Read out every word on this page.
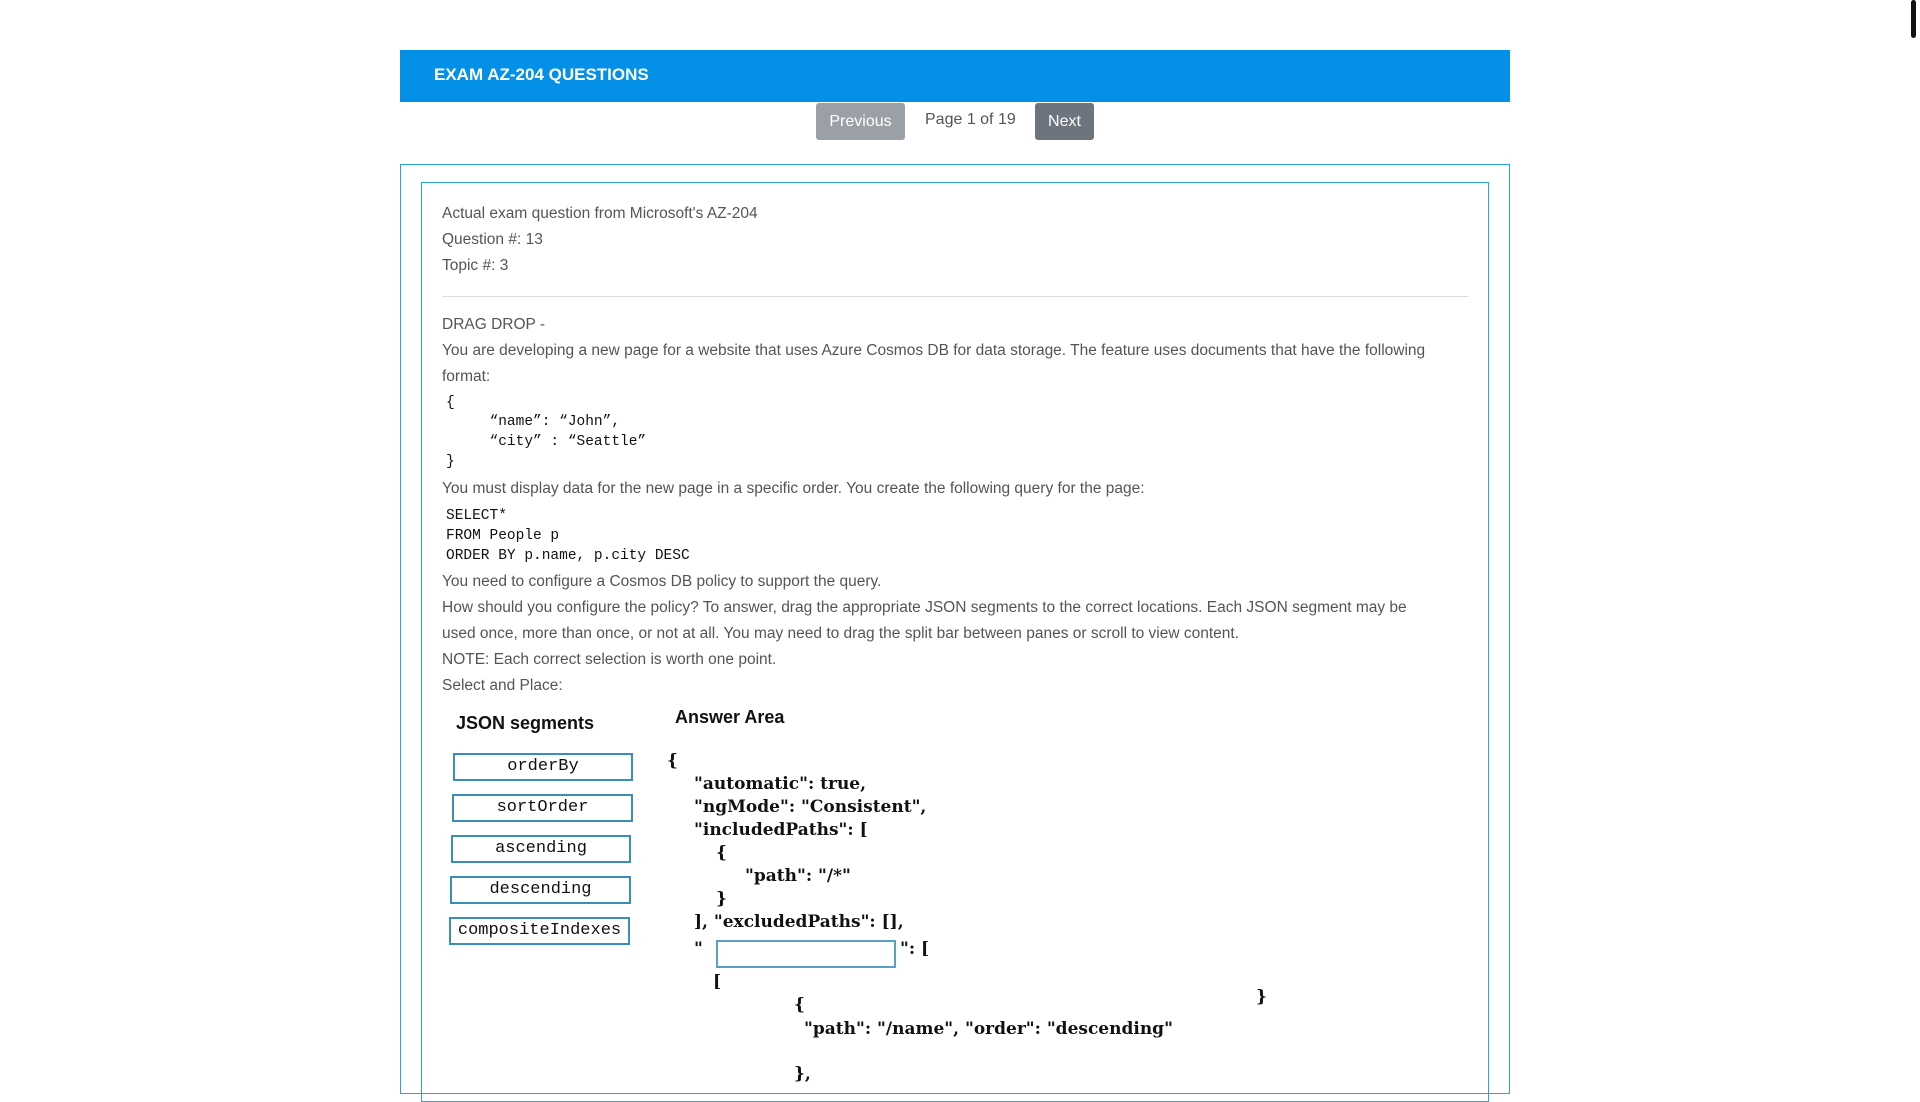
EXAM AZ-204 QUESTIONS
Previous	Page 1 of 19	Next
Actual exam question from Microsoft's AZ-204
Question #: 13
Topic #: 3
DRAG DROP -
You are developing a new page for a website that uses Azure Cosmos DB for data storage. The feature uses documents that have the following
format:
{
“name”: “John”,
“city” : “Seattle”
}
You must display data for the new page in a specific order. You create the following query for the page:
SELECT*
FROM People p
ORDER BY p.name, p.city DESC
You need to configure a Cosmos DB policy to support the query.
How should you configure the policy? To answer, drag the appropriate JSON segments to the correct locations. Each JSON segment may be
used once, more than once, or not at all. You may need to drag the split bar between panes or scroll to view content.
NOTE: Each correct selection is worth one point.
Select and Place:
JSON segments	Answer Area
orderBy
sortOrder
ascending
descending
compositeIndexes
{
"automatic": true,
"ngMode": "Consistent",
"includedPaths": [
{
"path": "/*"
}
], "excludedPaths": [],
"	": [
[
}
{
"path": "/name", "order": "descending"
},
